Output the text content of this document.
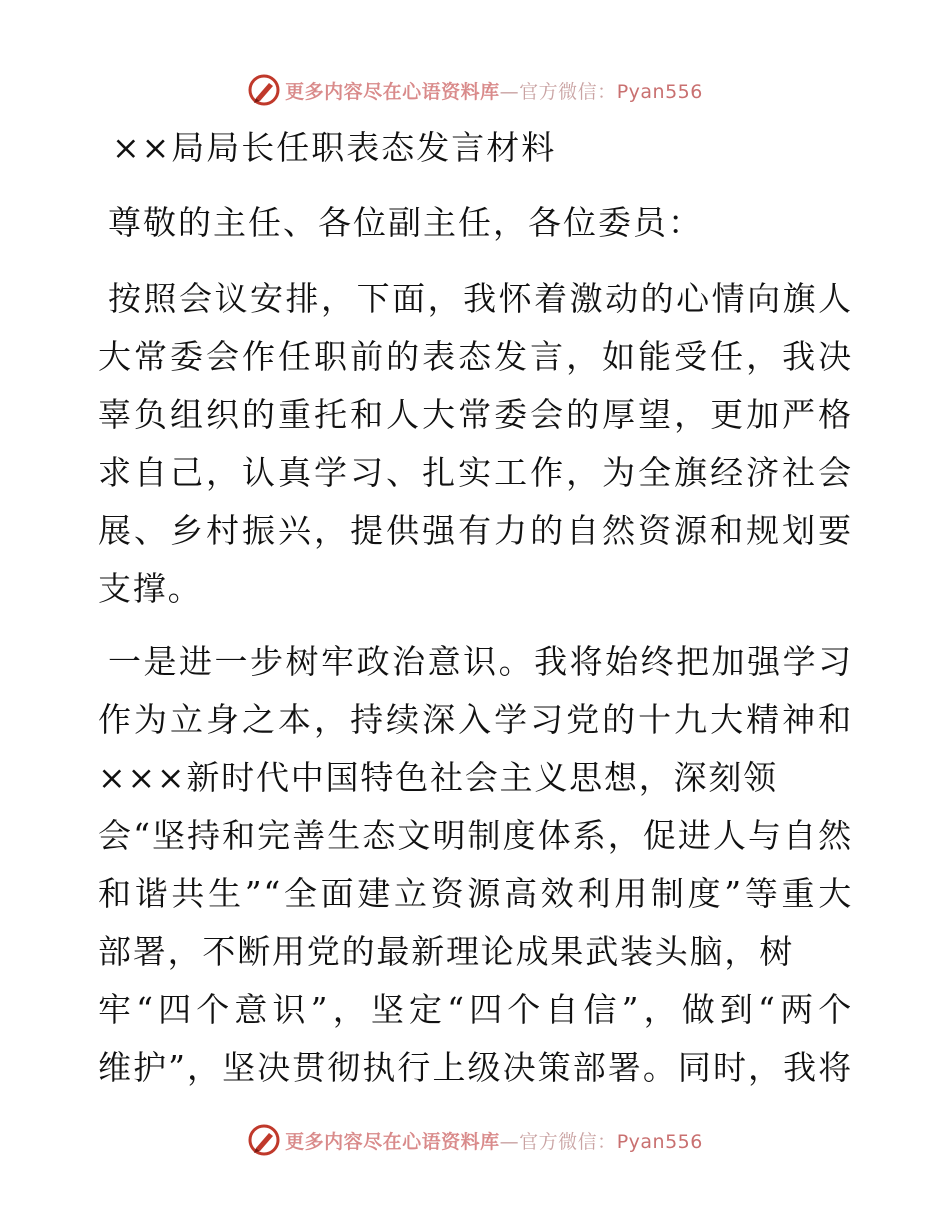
更多内容尽在心语资料库—官方微信：Pyan556

××局局长任职表态发言材料

尊敬的主任、各位副主任，各位委员：

按照会议安排，下面，我怀着激动的心情向旗人
大常委会作任职前的表态发言，如能受任，我决
辜负组织的重托和人大常委会的厚望，更加严格
求自己，认真学习、扎实工作，为全旗经济社会
展、乡村振兴，提供强有力的自然资源和规划要
支撑。
一是进一步树牢政治意识。我将始终把加强学习
作为立身之本，持续深入学习党的十九大精神和
×××新时代中国特色社会主义思想，深刻领
会“坚持和完善生态文明制度体系，促进人与自然
和谐共生”“全面建立资源高效利用制度”等重大
部署，不断用党的最新理论成果武装头脑，树
牢“四个意识”，坚定“四个自信”，做到“两个
维护”，坚决贯彻执行上级决策部署。同时，我将
更多内容尽在心语资料库—官方微信：Pyan556
